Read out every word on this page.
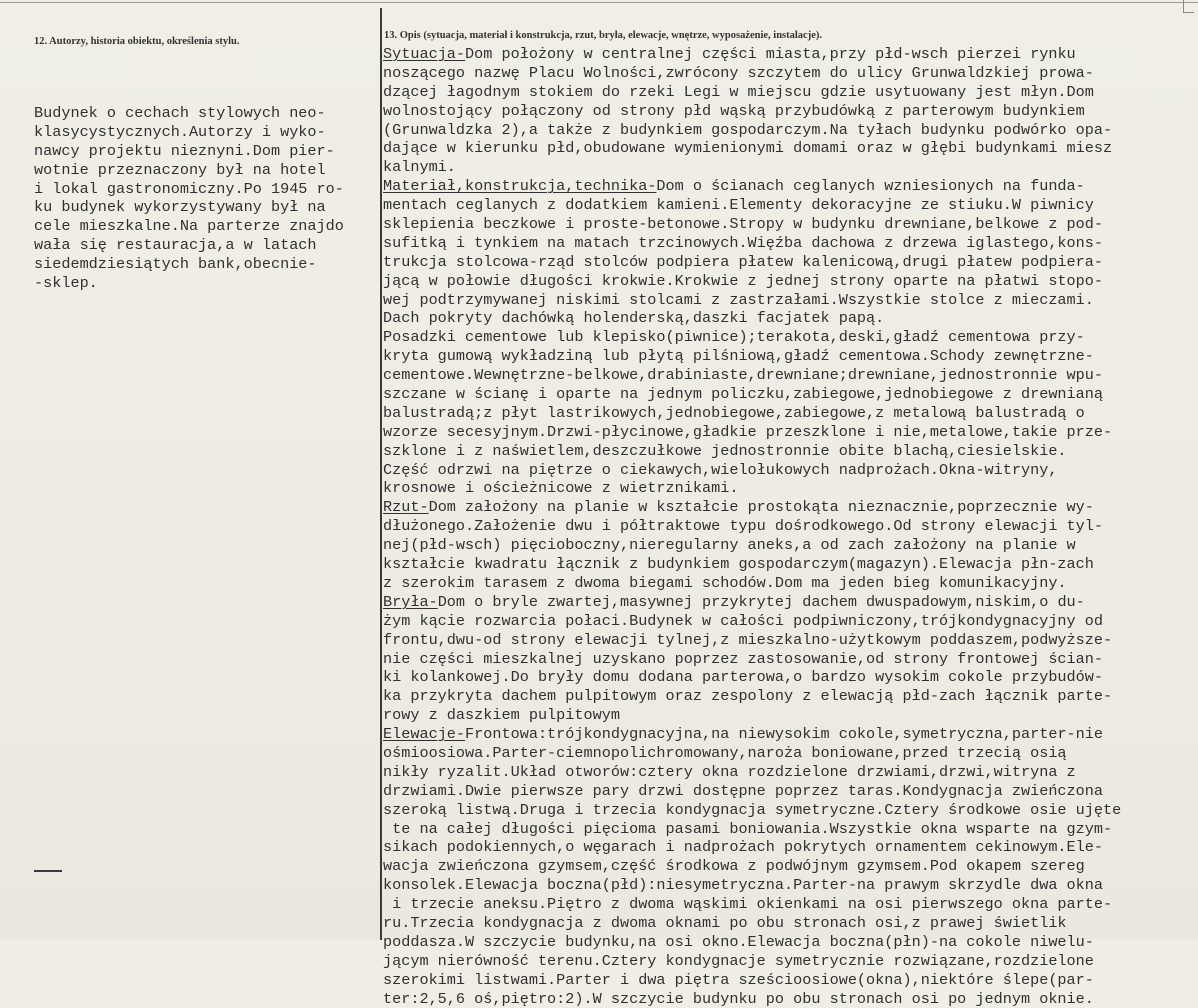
12. Autorzy, historia obiektu, określenia stylu.
13. Opis (sytuacja, materiał i konstrukcja, rzut, bryła, elewacje, wnętrze, wyposażenie, instalacje).
Budynek o cechach stylowych neo-
klasycystycznych.Autorzy i wyko-
nawcy projektu nieznyni.Dom pier-
wotnie przeznaczony był na hotel
i lokal gastronomiczny.Po 1945 ro-
ku budynek wykorzystywany był na
cele mieszkalne.Na parterze znajdo
wała się restauracja,a w latach
siedemdziesiątych bank,obecnie-
-sklep.
Sytuacja-Dom położony w centralnej części miasta,przy płd-wsch pierzei rynku
noszącego nazwę Placu Wolności,zwrócony szczytem do ulicy Grunwaldzkiej prowa-
dzącej łagodnym stokiem do rzeki Legi w miejscu gdzie usytuowany jest młyn.Dom
wolnostojący połączony od strony płd wąską przybudówką z parterowym budynkiem
(Grunwaldzka 2),a także z budynkiem gospodarczym.Na tyłach budynku podwórko opa-
dające w kierunku płd,obudowane wymienionymi domami oraz w głębi budynkami miesz
kalnymi.
Materiał,konstrukcja,technika-Dom o ścianach ceglanych wzniesionych na funda-
mentach ceglanych z dodatkiem kamieni.Elementy dekoracyjne ze stiuku.W piwnicy
sklepienia beczkowe i proste-betonowe.Stropy w budynku drewniane,belkowe z pod-
sufitką i tynkiem na matach trzcinowych.Więźba dachowa z drzewa iglastego,kons-
trukcja stolcowa-rząd stolców podpiera płatew kalenicową,drugi płatew podpiera-
jącą w połowie długości krokwie.Krokwie z jednej strony oparte na płatwi stopo-
wej podtrzymywanej niskimi stolcami z zastrzałami.Wszystkie stolce z mieczami.
Dach pokryty dachówką holenderską,daszki facjatek papą.
Posadzki cementowe lub klepisko(piwnice);terakota,deski,gładź cementowa przy-
kryta gumową wykładziną lub płytą pilśniową,gładź cementowa.Schody zewnętrzne-
cementowe.Wewnętrzne-belkowe,drabiniaste,drewniane;drewniane,jednostronnie wpu-
szczane w ścianę i oparte na jednym policzku,zabiegowe,jednobiegowe z drewnianą
balustradą;z płyt lastrikowych,jednobiegowe,zabiegowe,z metalową balustradą o
wzorze secesyjnym.Drzwi-płycinowe,gładkie przeszklone i nie,metalowe,takie prze-
szklone i z naświetlem,deszczułkowe jednostronnie obite blachą,ciesielskie.
Część odrzwi na piętrze o ciekawych,wielołukowych nadprożach.Okna-witryny,
krosnowe i ościeżnicowe z wietrznikami.
Rzut-Dom założony na planie w kształcie prostokąta nieznacznie,poprzecznie wy-
dłużonego.Założenie dwu i półtraktowe typu dośrodkowego.Od strony elewacji tyl-
nej(płd-wsch) pięcioboczny,nieregularny aneks,a od zach założony na planie w
kształcie kwadratu łącznik z budynkiem gospodarczym(magazyn).Elewacja płn-zach
z szerokim tarasem z dwoma biegami schodów.Dom ma jeden bieg komunikacyjny.
Bryła-Dom o bryle zwartej,masywnej przykrytej dachem dwuspadowym,niskim,o du-
żym kącie rozwarcia połaci.Budynek w całości podpiwniczony,trójkondygnacyjny od
frontu,dwu-od strony elewacji tylnej,z mieszkalno-użytkowym poddaszem,podwyższe-
nie części mieszkalnej uzyskano poprzez zastosowanie,od strony frontowej ścian-
ki kolankowej.Do bryły domu dodana parterowa,o bardzo wysokim cokole przybudów-
ka przykryta dachem pulpitowym oraz zespolony z elewacją płd-zach łącznik parte-
rowy z daszkiem pulpitowym
Elewacje-Frontowa:trójkondygnacyjna,na niewysokim cokole,symetryczna,parter-nie
ośmioosiowa.Parter-ciemnopolichromowany,naroża boniowane,przed trzecią osią
nikły ryzalit.Układ otworów:cztery okna rozdzielone drzwiami,drzwi,witryna z
drzwiami.Dwie pierwsze pary drzwi dostępne poprzez taras.Kondygnacja zwieńczona
szeroką listwą.Druga i trzecia kondygnacja symetryczne.Cztery środkowe osie ujęte
te na całej długości pięcioma pasami boniowania.Wszystkie okna wsparte na gzym-
sikach podokiennych,o węgarach i nadprożach pokrytych ornamentem cekinowym.Ele-
wacja zwieńczona gzymsem,część środkowa z podwójnym gzymsem.Pod okapem szereg
konsolek.Elewacja boczna(płd):niesymetryczna.Parter-na prawym skrzydle dwa okna
i trzecie aneksu.Piętro z dwoma wąskimi okienkami na osi pierwszego okna parte-
ru.Trzecia kondygnacja z dwoma oknami po obu stronach osi,z prawej świetlik
poddasza.W szczycie budynku,na osi okno.Elewacja boczna(płn)-na cokole niwelu-
jącym nierówność terenu.Cztery kondygnacje symetrycznie rozwiązane,rozdzielone
szerokimi listwami.Parter i dwa piętra sześcioosiowe(okna),niektóre ślepe(par-
ter:2,5,6 oś,piętro:2).W szczycie budynku po obu stronach osi po jednym oknie.
